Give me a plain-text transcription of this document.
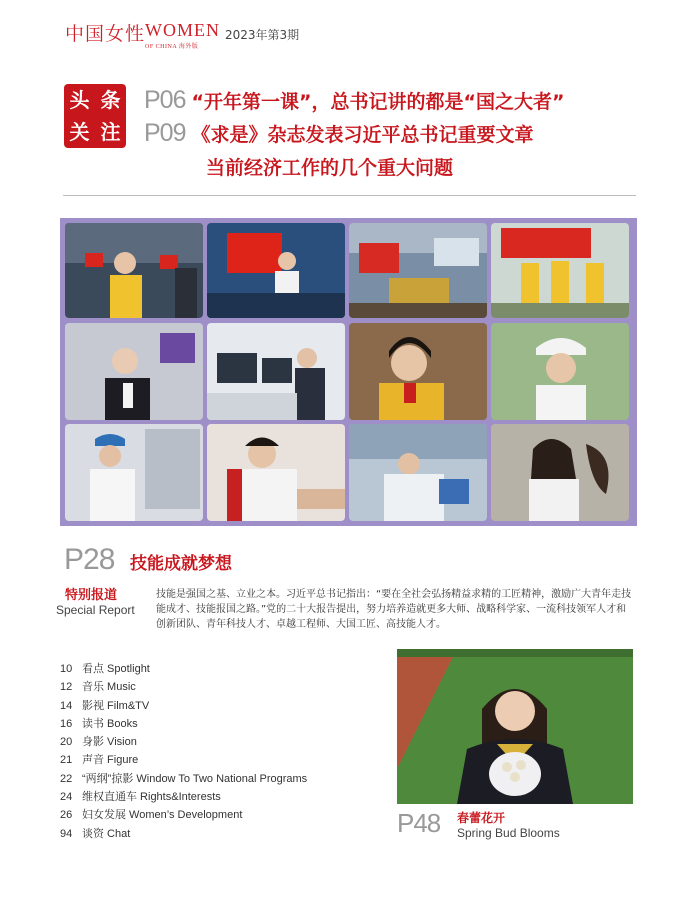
中国女性 WOMEN
OF CHINA 海外版
2023年第3期
头 条
关 注
P06 “开年第一课”，总书记讲的都是“国之大者”
P09 《求是》杂志发表习近平总书记重要文章
当前经济工作的几个重大问题
P28 技能成就梦想
特别报道
Special Report
技能是强国之基、立业之本。习近平总书记指出：“要在全社会弘扬精益求精的工匠精神，激励广大青年走技能成才、技能报国之路。”党的二十大报告提出，努力培养造就更多大师、战略科学家、一流科技领军人才和创新团队、青年科技人才、卓越工程师、大国工匠、高技能人才。
10 看点 Spotlight
12 音乐 Music
14 影视 Film&TV
16 读书 Books
20 身影 Vision
21 声音 Figure
22 “两纲”掠影 Window To Two National Programs
24 维权直通车 Rights&Interests
26 妇女发展 Women’s Development
94 谈资 Chat	P48 春蕾花开
Spring Bud Blooms
